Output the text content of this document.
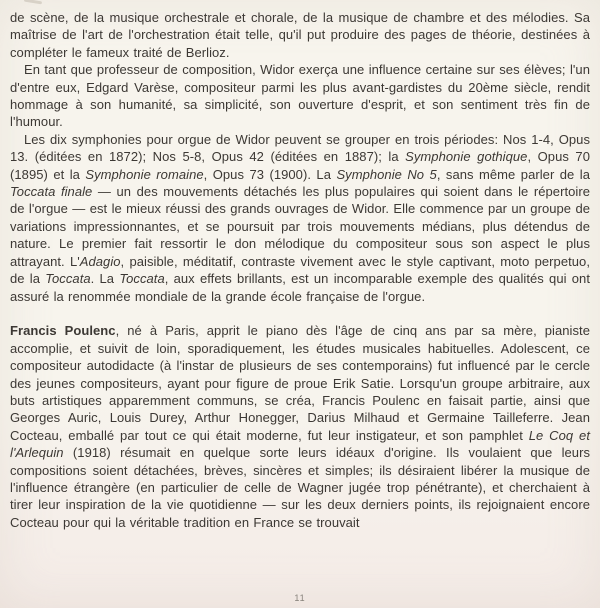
de scène, de la musique orchestrale et chorale, de la musique de chambre et des mélodies. Sa maîtrise de l'art de l'orchestration était telle, qu'il put produire des pages de théorie, destinées à compléter le fameux traité de Berlioz.

En tant que professeur de composition, Widor exerça une influence certaine sur ses élèves; l'un d'entre eux, Edgard Varèse, compositeur parmi les plus avant-gardistes du 20ème siècle, rendit hommage à son humanité, sa simplicité, son ouverture d'esprit, et son sentiment très fin de l'humour.

Les dix symphonies pour orgue de Widor peuvent se grouper en trois périodes: Nos 1-4, Opus 13. (éditées en 1872); Nos 5-8, Opus 42 (éditées en 1887); la Symphonie gothique, Opus 70 (1895) et la Symphonie romaine, Opus 73 (1900). La Symphonie No 5, sans même parler de la Toccata finale — un des mouvements détachés les plus populaires qui soient dans le répertoire de l'orgue — est le mieux réussi des grands ouvrages de Widor. Elle commence par un groupe de variations impressionnantes, et se poursuit par trois mouvements médians, plus détendus de nature. Le premier fait ressortir le don mélodique du compositeur sous son aspect le plus attrayant. L'Adagio, paisible, méditatif, contraste vivement avec le style captivant, moto perpetuo, de la Toccata. La Toccata, aux effets brillants, est un incomparable exemple des qualités qui ont assuré la renommée mondiale de la grande école française de l'orgue.

Francis Poulenc, né à Paris, apprit le piano dès l'âge de cinq ans par sa mère, pianiste accomplie, et suivit de loin, sporadiquement, les études musicales habituelles. Adolescent, ce compositeur autodidacte (à l'instar de plusieurs de ses contemporains) fut influencé par le cercle des jeunes compositeurs, ayant pour figure de proue Erik Satie. Lorsqu'un groupe arbitraire, aux buts artistiques apparemment communs, se créa, Francis Poulenc en faisait partie, ainsi que Georges Auric, Louis Durey, Arthur Honegger, Darius Milhaud et Germaine Tailleferre. Jean Cocteau, emballé par tout ce qui était moderne, fut leur instigateur, et son pamphlet Le Coq et l'Arlequin (1918) résumait en quelque sorte leurs idéaux d'origine. Ils voulaient que leurs compositions soient détachées, brèves, sincères et simples; ils désiraient libérer la musique de l'influence étrangère (en particulier de celle de Wagner jugée trop pénétrante), et cherchaient à tirer leur inspiration de la vie quotidienne — sur les deux derniers points, ils rejoignaient encore Cocteau pour qui la véritable tradition en France se trouvait

11
